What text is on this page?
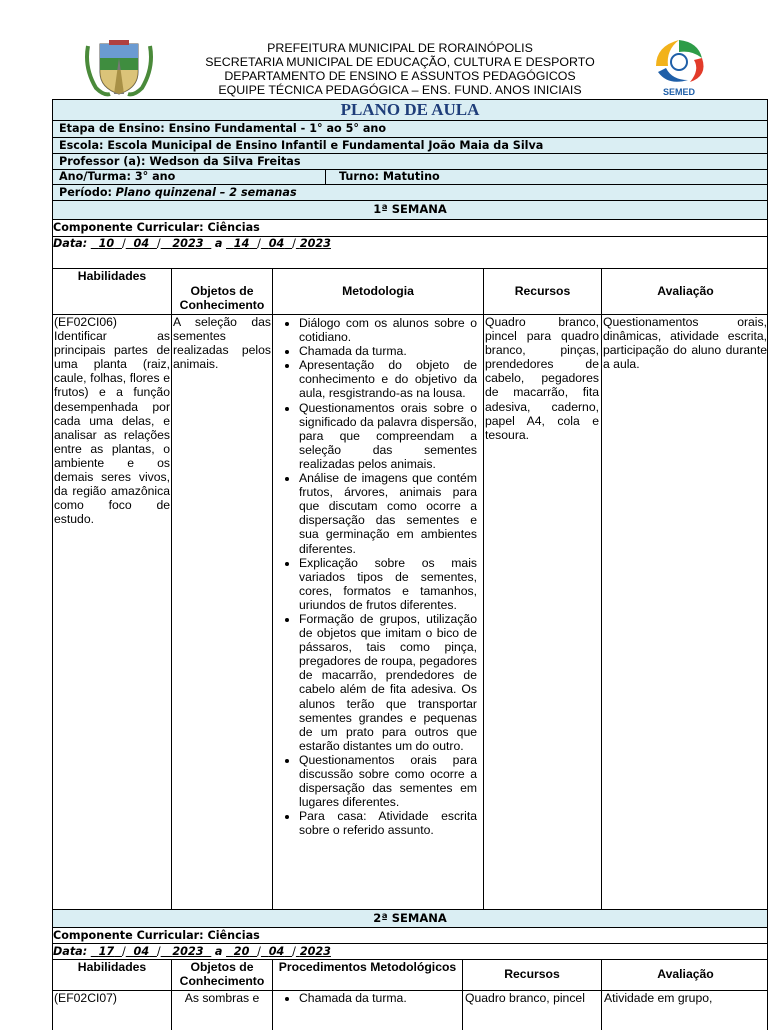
SEMED
PREFEITURA MUNICIPAL DE RORAINÓPOLIS
SECRETARIA MUNICIPAL DE EDUCAÇÃO, CULTURA E DESPORTO
DEPARTAMENTO DE ENSINO E ASSUNTOS PEDAGÓGICOS
EQUIPE TÉCNICA PEDAGÓGICA – ENS. FUND. ANOS INICIAIS
PLANO DE AULA
Etapa de Ensino: Ensino Fundamental - 1° ao 5° ano
Escola: Escola Municipal de Ensino Infantil e Fundamental João Maia da Silva
Professor (a): Wedson da Silva Freitas
Ano/Turma: 3° ano	Turno: Matutino
Período: Plano quinzenal – 2 semanas
1ª SEMANA
Componente Curricular: Ciências
Data: 10 / 04 / 2023 a 14 / 04 / 2023
Habilidades
Objetos de Conhecimento
Metodologia	Recursos	Avaliação
(EF02CI06) Identificar as principais partes de uma planta (raiz, caule, folhas, flores e frutos) e a função desempenhada por cada uma delas, e analisar as relações entre as plantas, o ambiente e os demais seres vivos, da região amazônica como foco de estudo.
A seleção das sementes realizadas pelos animais.
• Diálogo com os alunos sobre o cotidiano.
• Chamada da turma.
• Apresentação do objeto de conhecimento e do objetivo da aula, resgistrando-as na lousa.
• Questionamentos orais sobre o significado da palavra dispersão, para que compreendam a seleção das sementes realizadas pelos animais.
• Análise de imagens que contém frutos, árvores, animais para que discutam como ocorre a dispersação das sementes e sua germinação em ambientes diferentes.
• Explicação sobre os mais variados tipos de sementes, cores, formatos e tamanhos, uriundos de frutos diferentes.
• Formação de grupos, utilização de objetos que imitam o bico de pássaros, tais como pinça, pregadores de roupa, pegadores de macarrão, prendedores de cabelo além de fita adesiva. Os alunos terão que transportar sementes grandes e pequenas de um prato para outros que estarão distantes um do outro.
• Questionamentos orais para discussão sobre como ocorre a dispersação das sementes em lugares diferentes.
• Para casa: Atividade escrita sobre o referido assunto.
Quadro branco, pincel para quadro branco, pinças, prendedores de cabelo, pegadores de macarrão, fita adesiva, caderno, papel A4, cola e tesoura.
Questionamentos orais, dinâmicas, atividade escrita, participação do aluno durante a aula.
2ª SEMANA
Componente Curricular: Ciências
Data: 17 / 04 / 2023 a 20 / 04 / 2023
Habilidades	Objetos de Conhecimento
Procedimentos Metodológicos	Recursos	Avaliação
(EF02CI07)	As sombras e
•	Chamada da turma.	Quadro branco, pincel	Atividade em grupo,
